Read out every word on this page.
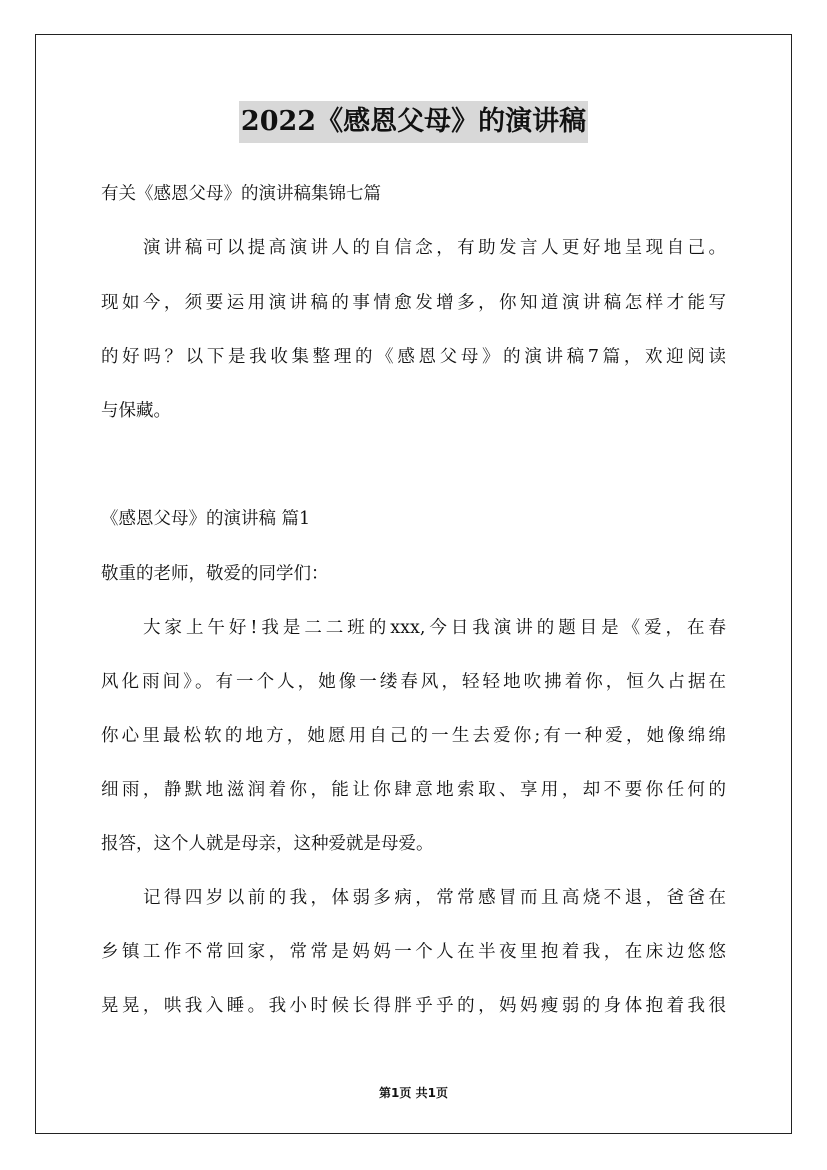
2022《感恩父母》的演讲稿
有关《感恩父母》的演讲稿集锦七篇
演讲稿可以提高演讲人的自信念，有助发言人更好地呈现自己。
现如今，须要运用演讲稿的事情愈发增多，你知道演讲稿怎样才能写
的好吗？以下是我收集整理的《感恩父母》的演讲稿7篇，欢迎阅读
与保藏。
《感恩父母》的演讲稿 篇1
敬重的老师，敬爱的同学们：
大家上午好!我是二二班的xxx,今日我演讲的题目是《爱，在春
风化雨间》。有一个人，她像一缕春风，轻轻地吹拂着你，恒久占据在
你心里最松软的地方，她愿用自己的一生去爱你;有一种爱，她像绵绵
细雨，静默地滋润着你，能让你肆意地索取、享用，却不要你任何的
报答，这个人就是母亲，这种爱就是母爱。
记得四岁以前的我，体弱多病，常常感冒而且高烧不退，爸爸在
乡镇工作不常回家，常常是妈妈一个人在半夜里抱着我，在床边悠悠
晃晃，哄我入睡。我小时候长得胖乎乎的，妈妈瘦弱的身体抱着我很
第1页 共1页
